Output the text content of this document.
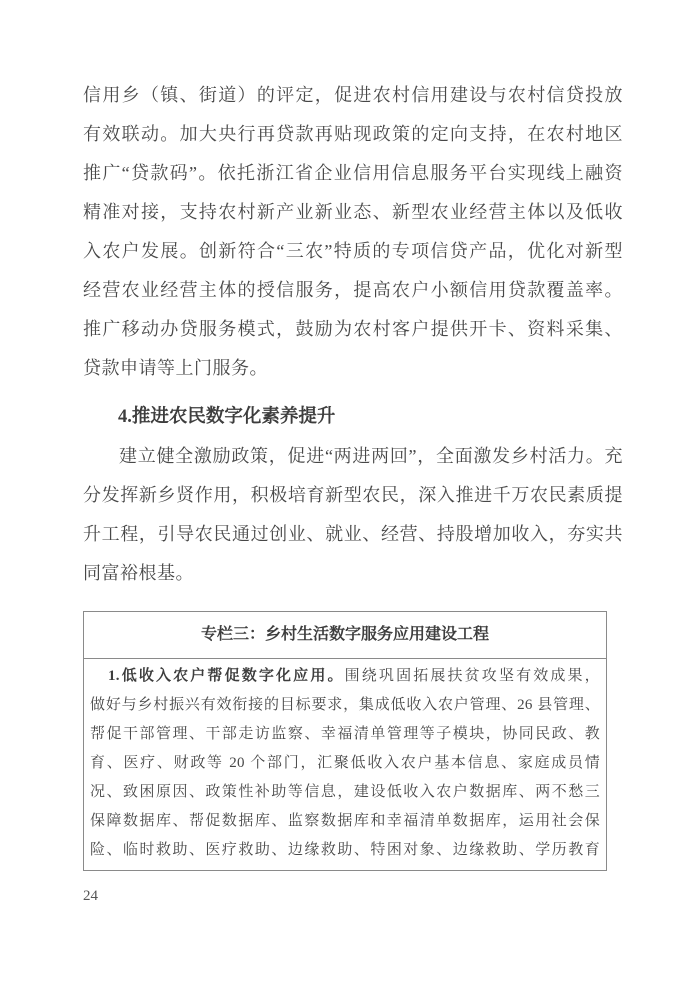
信用乡（镇、街道）的评定，促进农村信用建设与农村信贷投放
有效联动。加大央行再贷款再贴现政策的定向支持，在农村地区
推广“贷款码”。依托浙江省企业信用信息服务平台实现线上融资
精准对接，支持农村新产业新业态、新型农业经营主体以及低收
入农户发展。创新符合“三农”特质的专项信贷产品，优化对新型
经营农业经营主体的授信服务，提高农户小额信用贷款覆盖率。
推广移动办贷服务模式，鼓励为农村客户提供开卡、资料采集、
贷款申请等上门服务。
4.推进农民数字化素养提升
建立健全激励政策，促进“两进两回”，全面激发乡村活力。充
分发挥新乡贤作用，积极培育新型农民，深入推进千万农民素质提
升工程，引导农民通过创业、就业、经营、持股增加收入，夯实共
同富裕根基。
专栏三：乡村生活数字服务应用建设工程
1.低收入农户帮促数字化应用。围绕巩固拓展扶贫攻坚有效成果，
做好与乡村振兴有效衔接的目标要求，集成低收入农户管理、26 县管理、
帮促干部管理、干部走访监察、幸福清单管理等子模块，协同民政、教
育、医疗、财政等 20 个部门，汇聚低收入农户基本信息、家庭成员情
况、致困原因、政策性补助等信息，建设低收入农户数据库、两不愁三
保障数据库、帮促数据库、监察数据库和幸福清单数据库，运用社会保
险、临时救助、医疗救助、边缘救助、特困对象、边缘救助、学历教育
24
